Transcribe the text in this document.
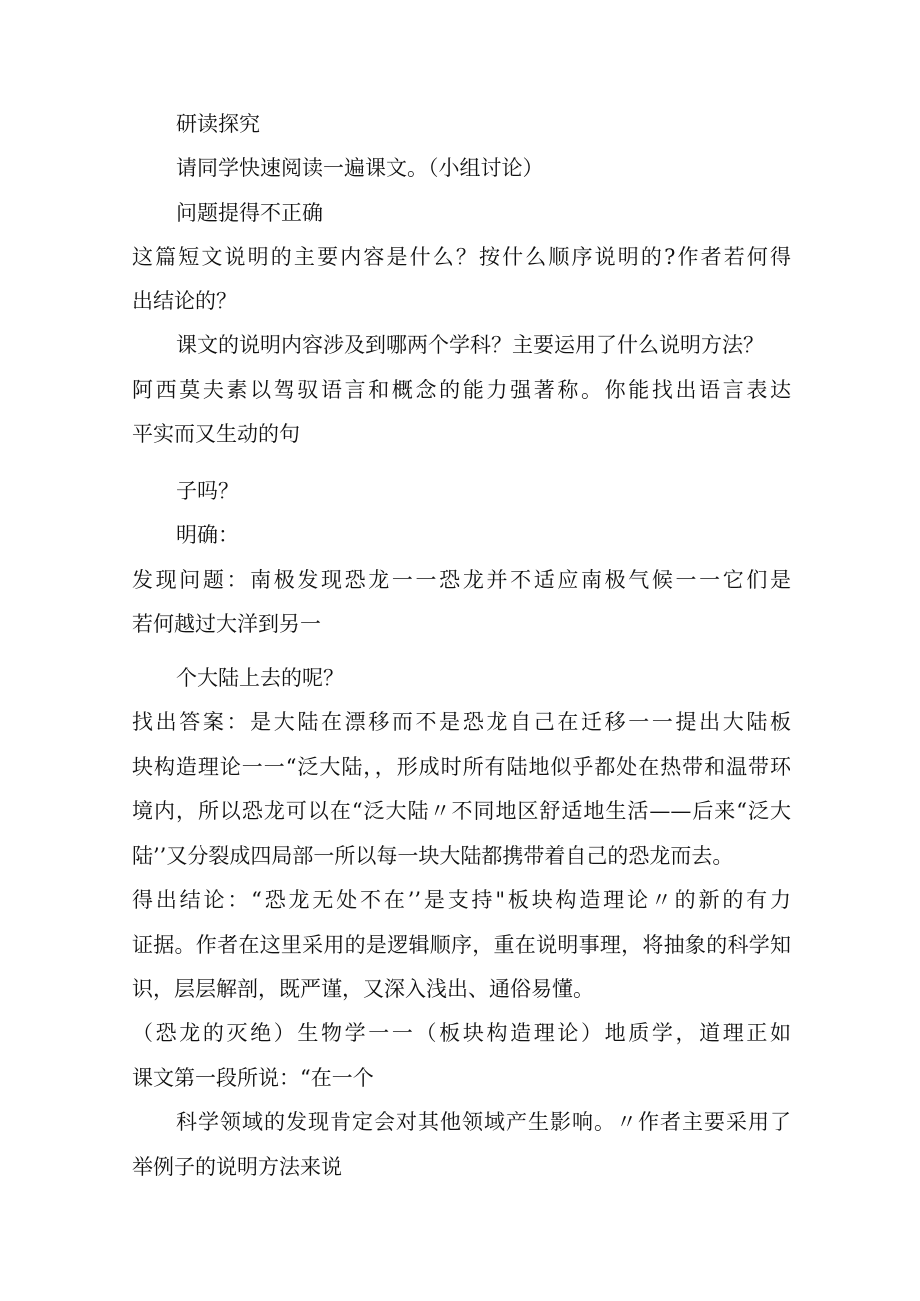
研读探究

请同学快速阅读一遍课文。（小组讨论）

问题提得不正确

这篇短文说明的主要内容是什么？按什么顺序说明的?作者若何得

出结论的？

课文的说明内容涉及到哪两个学科？主要运用了什么说明方法？

阿西莫夫素以驾驭语言和概念的能力强著称。你能找出语言表达

平实而又生动的句

子吗？

明确：

发现问题：南极发现恐龙一一恐龙并不适应南极气候一一它们是

若何越过大洋到另一

个大陆上去的呢？

找出答案：是大陆在漂移而不是恐龙自己在迁移一一提出大陆板

块构造理论一一“泛大陆，，形成时所有陆地似乎都处在热带和温带环

境内，所以恐龙可以在“泛大陆〃不同地区舒适地生活——后来“泛大

陆’’又分裂成四局部一所以每一块大陆都携带着自己的恐龙而去。

得出结论：“恐龙无处不在’’是支持"板块构造理论〃的新的有力

证据。作者在这里采用的是逻辑顺序，重在说明事理，将抽象的科学知

识，层层解剖，既严谨，又深入浅出、通俗易懂。

（恐龙的灭绝）生物学一一（板块构造理论）地质学，道理正如

课文第一段所说：“在一个

科学领域的发现肯定会对其他领域产生影响。〃作者主要采用了

举例子的说明方法来说
